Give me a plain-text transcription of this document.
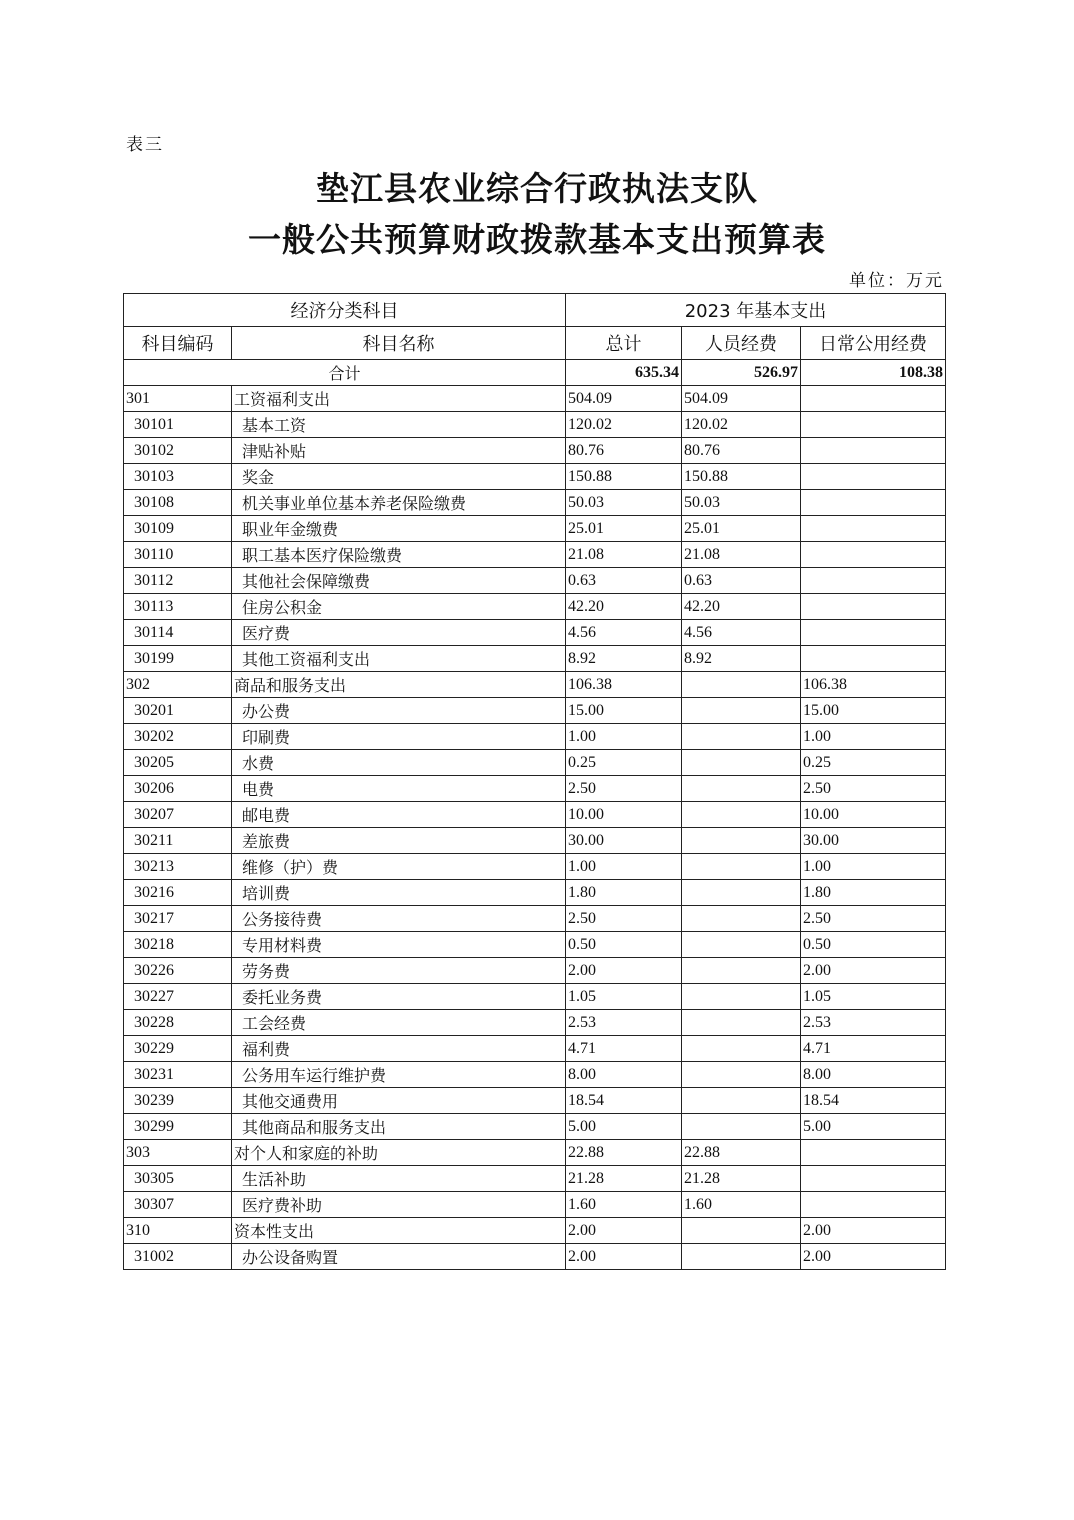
表三
垫江县农业综合行政执法支队
一般公共预算财政拨款基本支出预算表
单位：万元
经济分类科目		2023 年基本支出		
科目编码	科目名称	总计	人员经费	日常公用经费
合计		635.34	526.97	108.38
301	工资福利支出	504.09	504.09	
30101	基本工资	120.02	120.02	
30102	津贴补贴	80.76	80.76	
30103	奖金	150.88	150.88	
30108	机关事业单位基本养老保险缴费	50.03	50.03	
30109	职业年金缴费	25.01	25.01	
30110	职工基本医疗保险缴费	21.08	21.08	
30112	其他社会保障缴费	0.63	0.63	
30113	住房公积金	42.20	42.20	
30114	医疗费	4.56	4.56	
30199	其他工资福利支出	8.92	8.92	
302	商品和服务支出	106.38		106.38
30201	办公费	15.00		15.00
30202	印刷费	1.00		1.00
30205	水费	0.25		0.25
30206	电费	2.50		2.50
30207	邮电费	10.00		10.00
30211	差旅费	30.00		30.00
30213	维修（护）费	1.00		1.00
30216	培训费	1.80		1.80
30217	公务接待费	2.50		2.50
30218	专用材料费	0.50		0.50
30226	劳务费	2.00		2.00
30227	委托业务费	1.05		1.05
30228	工会经费	2.53		2.53
30229	福利费	4.71		4.71
30231	公务用车运行维护费	8.00		8.00
30239	其他交通费用	18.54		18.54
30299	其他商品和服务支出	5.00		5.00
303	对个人和家庭的补助	22.88	22.88	
30305	生活补助	21.28	21.28	
30307	医疗费补助	1.60	1.60	
310	资本性支出	2.00		2.00
31002	办公设备购置	2.00		2.00
